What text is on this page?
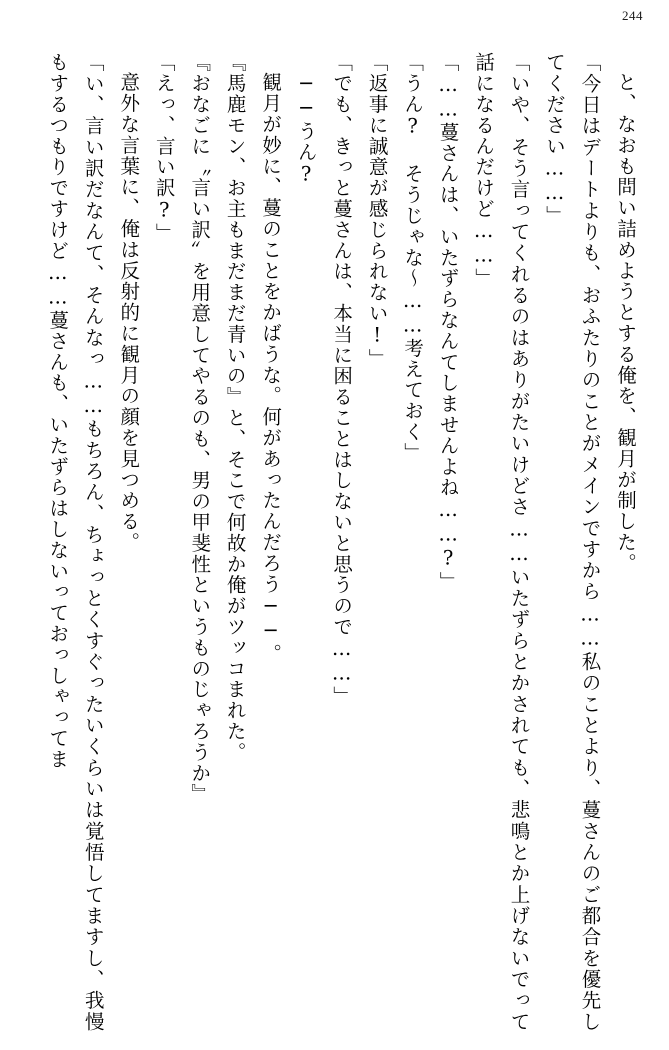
244

と、なおも問い詰めようとする俺を、観月が制した。

「今日はデートよりも、おふたりのことがメインですから……私のことより、蔓さんのご都合を優先してください……」

「いや、そう言ってくれるのはありがたいけどさ……いたずらとかされても、悲鳴とか上げないでって話になるんだけど……」

「……蔓さんは、いたずらなんてしませんよね……?」

「うん? そうじゃな～……考えておく」

「返事に誠意が感じられない!」

「でも、きっと蔓さんは、本当に困ることはしないと思うので……」

──うん?

観月が妙に、蔓のことをかばうな。何があったんだろう──。

『馬鹿モン、お主もまだまだ青いの』と、そこで何故か俺がツッコまれた。

『おなごに〝言い訳〟を用意してやるのも、男の甲斐性というものじゃろうか』

「えっ、言い訳?」

意外な言葉に、俺は反射的に観月の顔を見つめる。

「い、言い訳だなんて、そんなっ……もちろん、ちょっとくすぐったいくらいは覚悟してますし、我慢もするつもりですけど……蔓さんも、いたずらはしないっておっしゃってま
